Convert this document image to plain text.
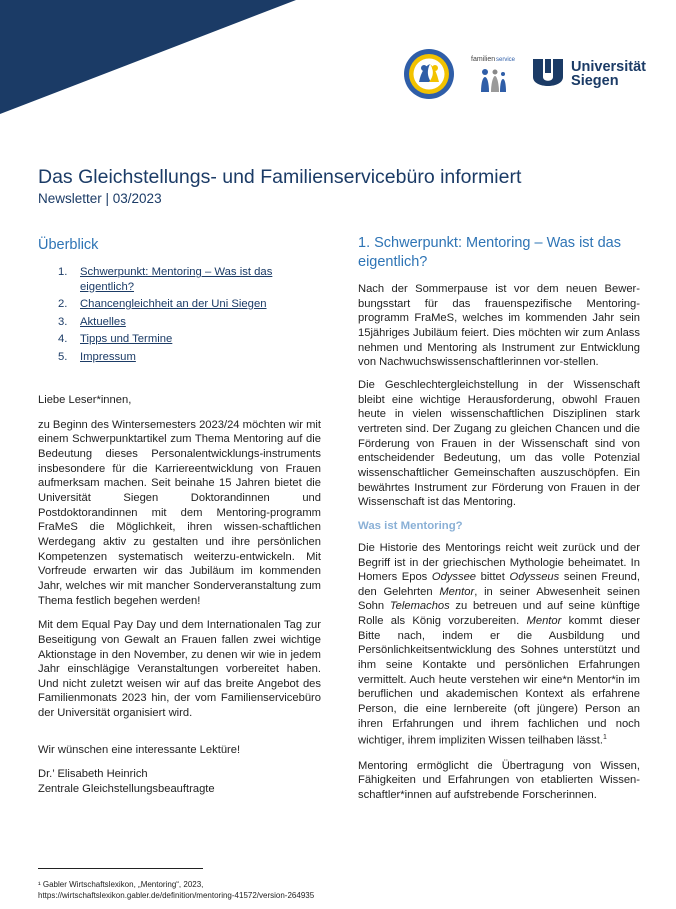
familien service	Universität
Siegen
Das Gleichstellungs- und Familienservicebüro informiert
Newsletter | 03/2023
Überblick
1.	Schwerpunkt: Mentoring – Was ist das eigentlich?
2.	Chancengleichheit an der Uni Siegen
3.	Aktuelles
4.	Tipps und Termine
5.	Impressum
Liebe Leser*innen,
zu Beginn des Wintersemesters 2023/24 möchten wir mit einem Schwerpunktartikel zum Thema Mentoring auf die Bedeutung dieses Personalentwicklungs-instruments insbesondere für die Karriereentwicklung von Frauen aufmerksam machen. Seit beinahe 15 Jahren bietet die Universität Siegen Doktorandinnen und Postdoktorandinnen mit dem Mentoring-programm FraMeS die Möglichkeit, ihren wissen-schaftlichen Werdegang aktiv zu gestalten und ihre persönlichen Kompetenzen systematisch weiterzu-entwickeln. Mit Vorfreude erwarten wir das Jubiläum im kommenden Jahr, welches wir mit mancher Sonderveranstaltung zum Thema festlich begehen werden!
Mit dem Equal Pay Day und dem Internationalen Tag zur Beseitigung von Gewalt an Frauen fallen zwei wichtige Aktionstage in den November, zu denen wir wie in jedem Jahr einschlägige Veranstaltungen vorbereitet haben. Und nicht zuletzt weisen wir auf das breite Angebot des Familienmonats 2023 hin, der vom Familienservicebüro der Universität organisiert wird.
Wir wünschen eine interessante Lektüre!
Dr.’ Elisabeth Heinrich
Zentrale Gleichstellungsbeauftragte
1. Schwerpunkt: Mentoring – Was ist das eigentlich?
Nach der Sommerpause ist vor dem neuen Bewer-bungsstart für das frauenspezifische Mentoring-programm FraMeS, welches im kommenden Jahr sein 15jähriges Jubiläum feiert. Dies möchten wir zum Anlass nehmen und Mentoring als Instrument zur Entwicklung von Nachwuchswissenschaftlerinnen vor-stellen.
Die Geschlechtergleichstellung in der Wissenschaft bleibt eine wichtige Herausforderung, obwohl Frauen heute in vielen wissenschaftlichen Disziplinen stark vertreten sind. Der Zugang zu gleichen Chancen und die Förderung von Frauen in der Wissenschaft sind von entscheidender Bedeutung, um das volle Potenzial wissenschaftlicher Gemeinschaften auszuschöpfen. Ein bewährtes Instrument zur Förderung von Frauen in der Wissenschaft ist das Mentoring.
Was ist Mentoring?
Die Historie des Mentorings reicht weit zurück und der Begriff ist in der griechischen Mythologie beheimatet. In Homers Epos Odyssee bittet Odysseus seinen Freund, den Gelehrten Mentor, in seiner Abwesenheit seinen Sohn Telemachos zu betreuen und auf seine künftige Rolle als König vorzubereiten. Mentor kommt dieser Bitte nach, indem er die Ausbildung und Persönlichkeitsentwicklung des Sohnes unterstützt und ihm seine Kontakte und persönlichen Erfahrungen vermittelt. Auch heute verstehen wir eine*n Mentor*in im beruflichen und akademischen Kontext als erfahrene Person, die eine lernbereite (oft jüngere) Person an ihren Erfahrungen und ihrem fachlichen und noch wichtiger, ihrem impliziten Wissen teilhaben lässt.$^1$
Mentoring ermöglicht die Übertragung von Wissen, Fähigkeiten und Erfahrungen von etablierten Wissen-schaftler*innen auf aufstrebende Forscherinnen.
¹ Gabler Wirtschaftslexikon, „Mentoring“, 2023, https://wirtschaftslexikon.gabler.de/definition/mentoring-41572/version-264935
